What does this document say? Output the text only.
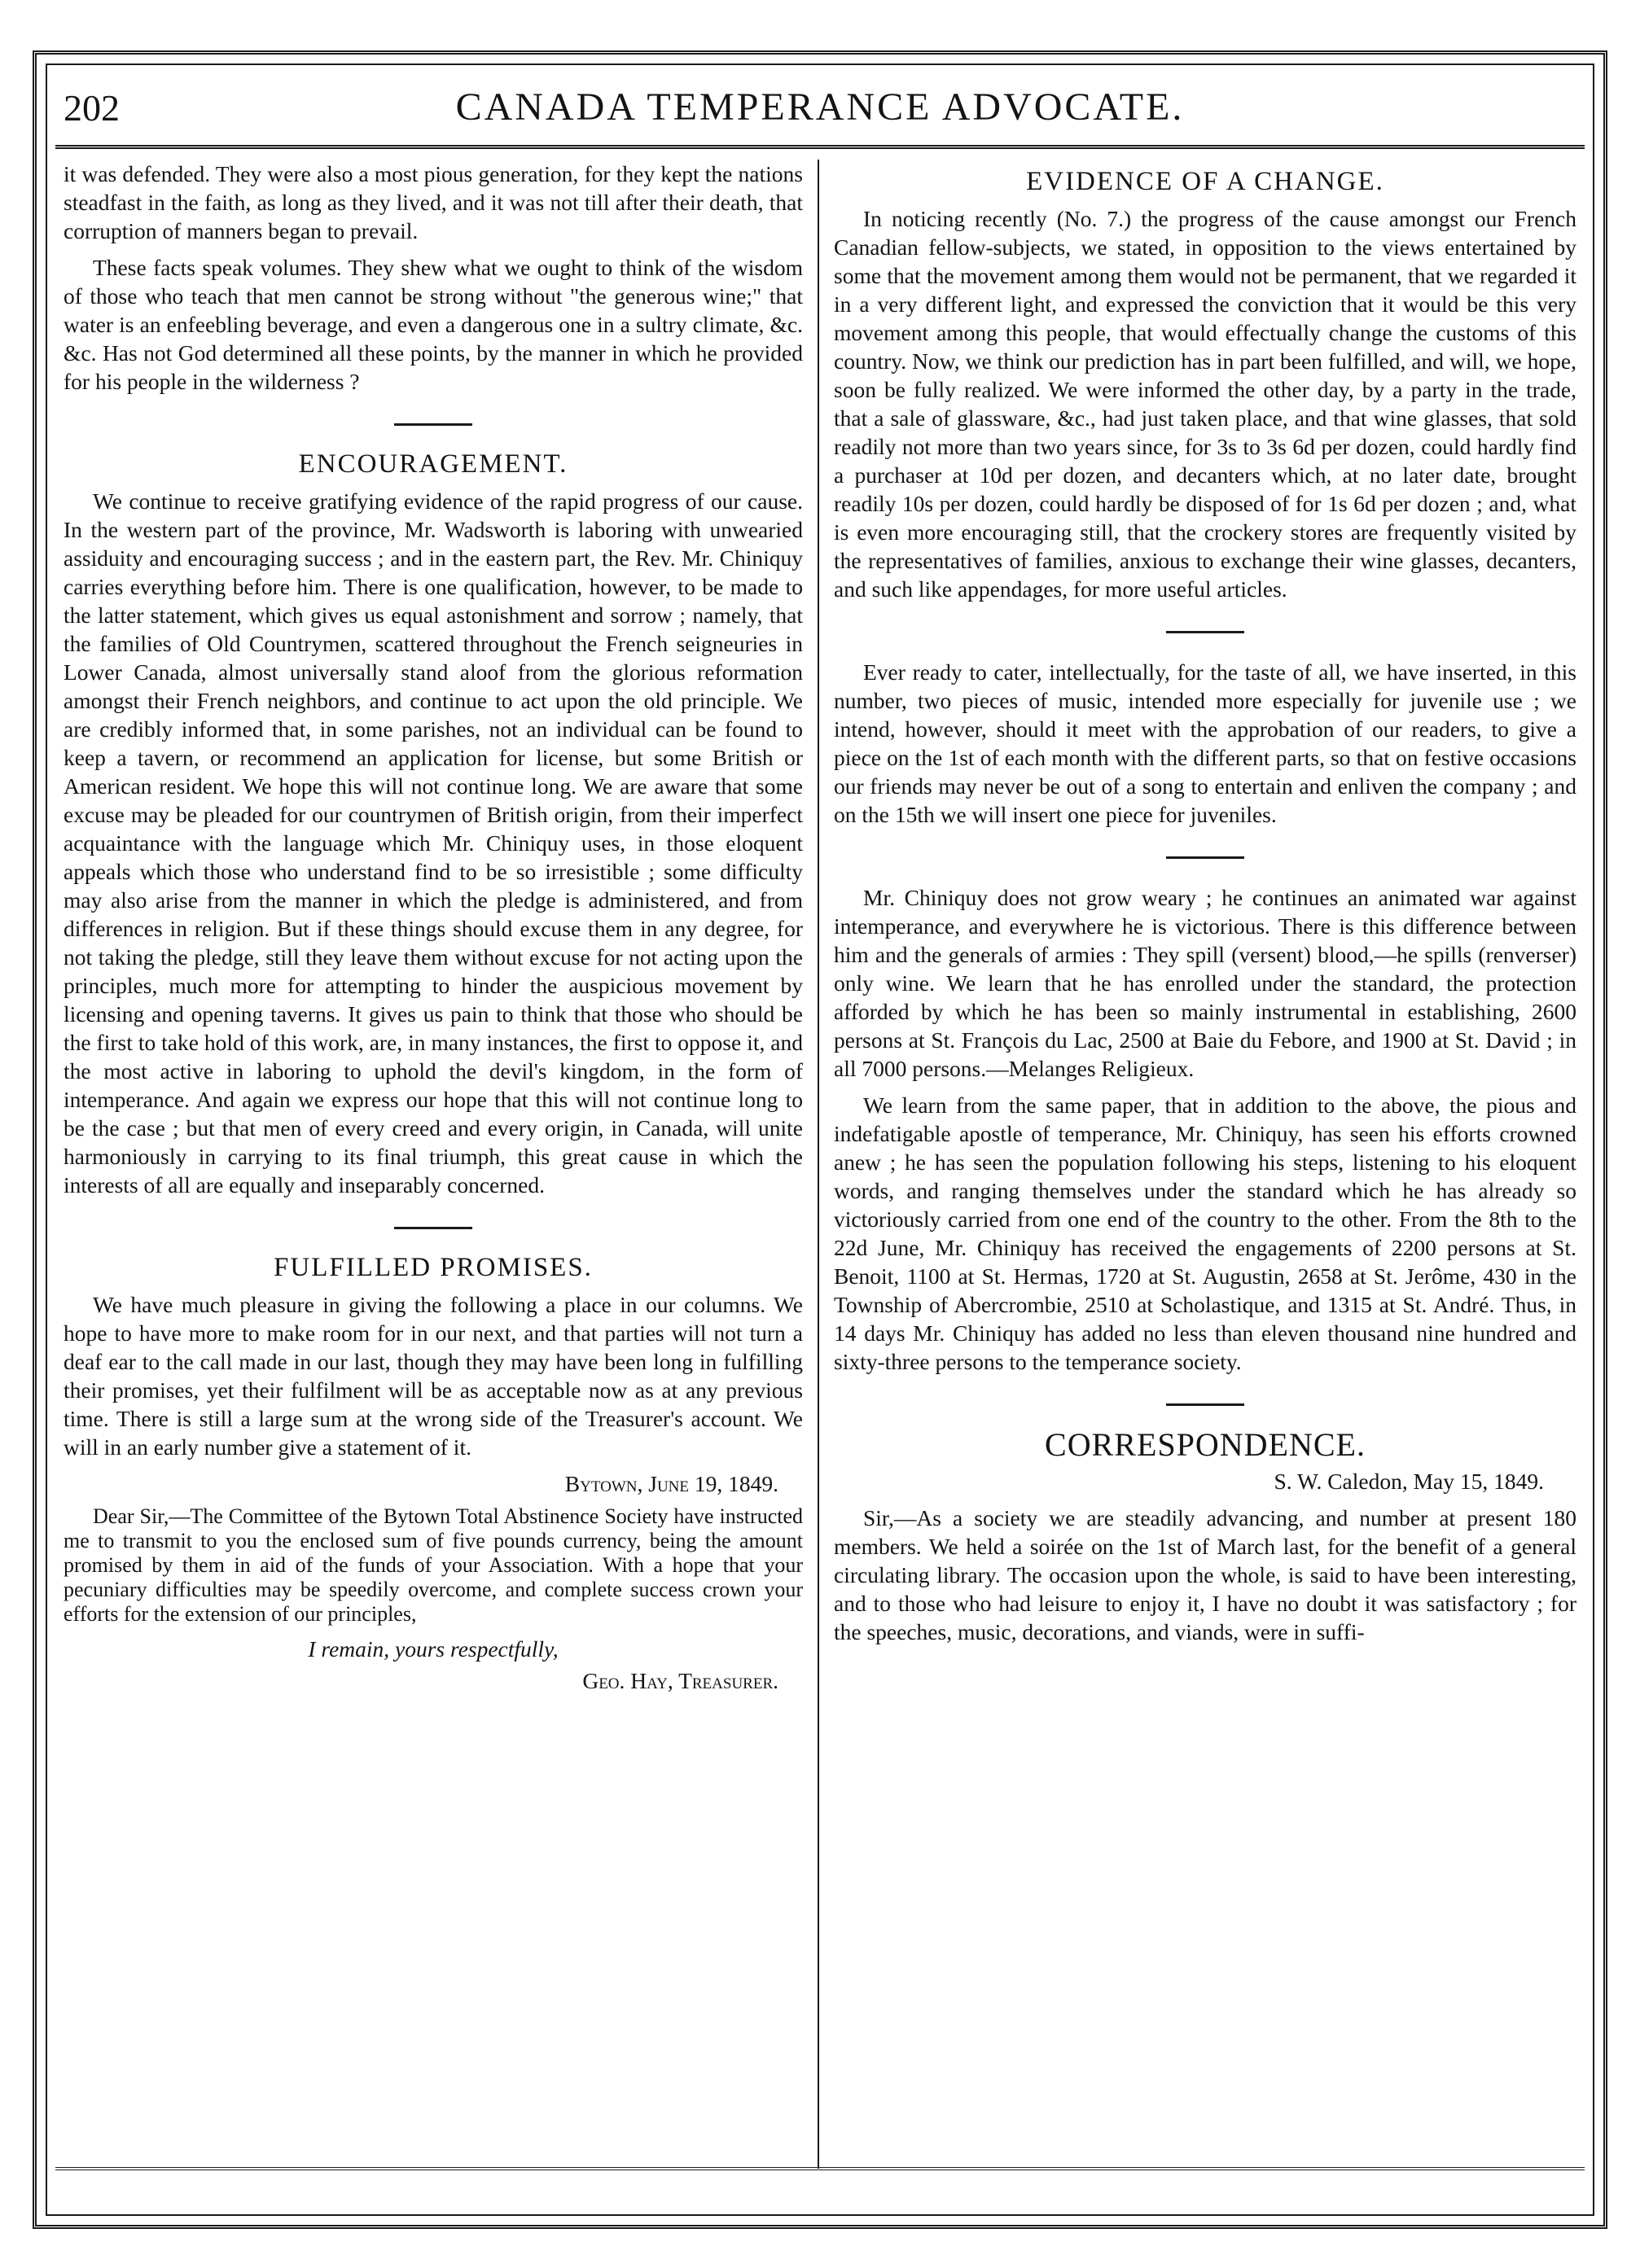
202	CANADA TEMPERANCE ADVOCATE.

it was defended. They were also a most pious generation, for they kept the nations steadfast in the faith, as long as they lived, and it was not till after their death, that corruption of manners began to prevail.

These facts speak volumes. They shew what we ought to think of the wisdom of those who teach that men cannot be strong without "the generous wine;" that water is an enfeebling beverage, and even a dangerous one in a sultry climate, &c. &c. Has not God determined all these points, by the manner in which he provided for his people in the wilderness ?

ENCOURAGEMENT.

We continue to receive gratifying evidence of the rapid progress of our cause. In the western part of the province, Mr. Wadsworth is laboring with unwearied assiduity and encouraging success ; and in the eastern part, the Rev. Mr. Chiniquy carries everything before him. There is one qualification, however, to be made to the latter statement, which gives us equal astonishment and sorrow ; namely, that the families of Old Countrymen, scattered throughout the French seigneuries in Lower Canada, almost universally stand aloof from the glorious reformation amongst their French neighbors, and continue to act upon the old principle. We are credibly informed that, in some parishes, not an individual can be found to keep a tavern, or recommend an application for license, but some British or American resident. We hope this will not continue long. We are aware that some excuse may be pleaded for our countrymen of British origin, from their imperfect acquaintance with the language which Mr. Chiniquy uses, in those eloquent appeals which those who understand find to be so irresistible ; some difficulty may also arise from the manner in which the pledge is administered, and from differences in religion. But if these things should excuse them in any degree, for not taking the pledge, still they leave them without excuse for not acting upon the principles, much more for attempting to hinder the auspicious movement by licensing and opening taverns. It gives us pain to think that those who should be the first to take hold of this work, are, in many instances, the first to oppose it, and the most active in laboring to uphold the devil's kingdom, in the form of intemperance. And again we express our hope that this will not continue long to be the case ; but that men of every creed and every origin, in Canada, will unite harmoniously in carrying to its final triumph, this great cause in which the interests of all are equally and inseparably concerned.

FULFILLED PROMISES.

We have much pleasure in giving the following a place in our columns. We hope to have more to make room for in our next, and that parties will not turn a deaf ear to the call made in our last, though they may have been long in fulfilling their promises, yet their fulfilment will be as acceptable now as at any previous time. There is still a large sum at the wrong side of the Treasurer's account. We will in an early number give a statement of it.

Bytown, June 19, 1849.

Dear Sir,—The Committee of the Bytown Total Abstinence Society have instructed me to transmit to you the enclosed sum of five pounds currency, being the amount promised by them in aid of the funds of your Association. With a hope that your pecuniary difficulties may be speedily overcome, and complete success crown your efforts for the extension of our principles,

I remain, yours respectfully,
Geo. Hay, Treasurer.
EVIDENCE OF A CHANGE.

In noticing recently (No. 7.) the progress of the cause amongst our French Canadian fellow-subjects, we stated, in opposition to the views entertained by some that the movement among them would not be permanent, that we regarded it in a very different light, and expressed the conviction that it would be this very movement among this people, that would effectually change the customs of this country. Now, we think our prediction has in part been fulfilled, and will, we hope, soon be fully realized. We were informed the other day, by a party in the trade, that a sale of glassware, &c., had just taken place, and that wine glasses, that sold readily not more than two years since, for 3s to 3s 6d per dozen, could hardly find a purchaser at 10d per dozen, and decanters which, at no later date, brought readily 10s per dozen, could hardly be disposed of for 1s 6d per dozen ; and, what is even more encouraging still, that the crockery stores are frequently visited by the representatives of families, anxious to exchange their wine glasses, decanters, and such like appendages, for more useful articles.

Ever ready to cater, intellectually, for the taste of all, we have inserted, in this number, two pieces of music, intended more especially for juvenile use ; we intend, however, should it meet with the approbation of our readers, to give a piece on the 1st of each month with the different parts, so that on festive occasions our friends may never be out of a song to entertain and enliven the company ; and on the 15th we will insert one piece for juveniles.

Mr. Chiniquy does not grow weary ; he continues an animated war against intemperance, and everywhere he is victorious. There is this difference between him and the generals of armies : They spill (versent) blood,—he spills (renverser) only wine. We learn that he has enrolled under the standard, the protection afforded by which he has been so mainly instrumental in establishing, 2600 persons at St. François du Lac, 2500 at Baie du Febore, and 1900 at St. David ; in all 7000 persons.—Melanges Religieux.

We learn from the same paper, that in addition to the above, the pious and indefatigable apostle of temperance, Mr. Chiniquy, has seen his efforts crowned anew ; he has seen the population following his steps, listening to his eloquent words, and ranging themselves under the standard which he has already so victoriously carried from one end of the country to the other. From the 8th to the 22d June, Mr. Chiniquy has received the engagements of 2200 persons at St. Benoit, 1100 at St. Hermas, 1720 at St. Augustin, 2658 at St. Jerôme, 430 in the Township of Abercrombie, 2510 at Scholastique, and 1315 at St. André. Thus, in 14 days Mr. Chiniquy has added no less than eleven thousand nine hundred and sixty-three persons to the temperance society.

CORRESPONDENCE.
S. W. Caledon, May 15, 1849.

Sir,—As a society we are steadily advancing, and number at present 180 members. We held a soirée on the 1st of March last, for the benefit of a general circulating library. The occasion upon the whole, is said to have been interesting, and to those who had leisure to enjoy it, I have no doubt it was satisfactory ; for the speeches, music, decorations, and viands, were in suffi-
